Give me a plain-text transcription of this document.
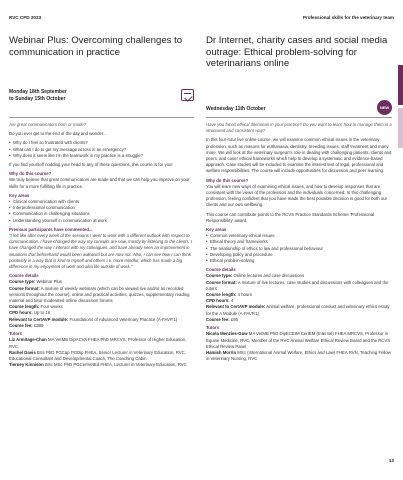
RVC CPD 2023	Professional skills for the veterinary team
Webinar Plus: Overcoming challenges to communication in practice
Monday 18th September
to Sunday 15th October

Are great communicators born or made?

Do you ever get to the end of the day and wonder...

• Why do I feel so frustrated with clients?
• What can I do to get my message across in an emergency?
• Why does it seem like I'm the teamwork in my practice is a struggle?

If you find yourself nodding your head to any of these questions, this course is for you!

Why do this course?

We truly believe that great communicators are made and that we can help you improve on your skills for a more fulfilling life in practice.

Key areas
• Clinical communication with clients
• Interprofessional communication
• Communication in challenging situations
• Understanding yourself in communication at work
Previous participants have commented...

"I felt like after every week of the sessions I went to work with a different outlook with respect to communication. I have changed the way my consults are now, mostly by listening to the clients. I have changed the way I interact with my colleagues, and have already seen an improvement in situations that beforehand would been awkward but are now not. Also, I can see how I can think positively in a way that is kind to myself and others i.e. more mindful, which has made a big difference in my enjoyment of work and also life outside of work."

Course details
Course type: Webinar Plus
Course format: A mixture of weekly webinars (which can be viewed live and/or as recorded versions throughout the course), online and practical activities, quizzes, supplementary reading material and tutor-moderated online discussion forums
Course length: Four weeks
CPD hours: Up to 16
Relevant to CertAVP module: Foundations of Advanced Veterinary Practice (A-FAVP.1)
Course fee: £389
Tutors
Liz Armitage-Chan MA VetMB DipACVA FHEA PhD MRCVS, Professor of Higher Education, RVC
Rachel Davis BSc PhD PGCap PGDip FHEA, Senior Lecturer in Veterinary Education, RVC, Educational Consultant and Developmental Coach, The Coaching Cabin
Tierney Kinnison BSc MSc PhD PGCertVetEd FHEA, Lecturer in Veterinary Education, RVC
Dr Internet, charity cases and social media outrage: Ethical problem-solving for veterinarians online
Wednesday 11th October	NEW

Have you faced ethical dilemmas in your practice? Do you want to learn how to manage them in a structured and consistent way?

In this four-hour live online course, we will examine common ethical issues in the veterinary profession, such as reasons for euthanasia, dentistry, breeding issues, staff treatment and many more. We will look at the veterinary surgeon's role in dealing with challenging patients, clients and peers, and cover ethical frameworks which help to develop a systematic and evidence-based approach. Case studies will be included to examine the interest test of legal, professional and welfare responsibilities. The course will include opportunities for discussion and peer learning.

Why do this course?

You will learn new ways of examining ethical issues, and how to develop responses that are consistent with the views of the profession and the individuals concerned. In this challenging profession, feeling confident that you have made the best possible decision is good for both our clients and our own wellbeing.

This course can contribute points to the RCVS Practice Standards Scheme 'Professional Responsibility' award.

Key areas
• Common veterinary ethical issues
• Ethical theory and frameworks
• The relationship of ethics to law and professional behaviour
• Developing policy and procedure
• Ethical problem-solving
Course details
Course type: Online lectures and case discussions
Course format: A mixture of live lectures, case studies and discussions with colleagues and the tutors
Course length: 4 hours
CPD hours: 4
Relevant to CertAVP module: Animal welfare, professional conduct and veterinary ethics essay for the A Module (A-FAVP.1)
Course fee: £95
Tutors
Nicola Menzies-Gow MA VetMB PhD DipECEIM CertEM (Internal) FHEA MRCVS, Professor in Equine Medicine, RVC, Member of the RVC Animal Welfare Ethical Review Board and the RCVS Ethical Review Panel
Hamish Morrin MSc (International Animal Welfare, Ethics and Law) FHEA RVN, Teaching Fellow in Veterinary Nursing, RVC
13
